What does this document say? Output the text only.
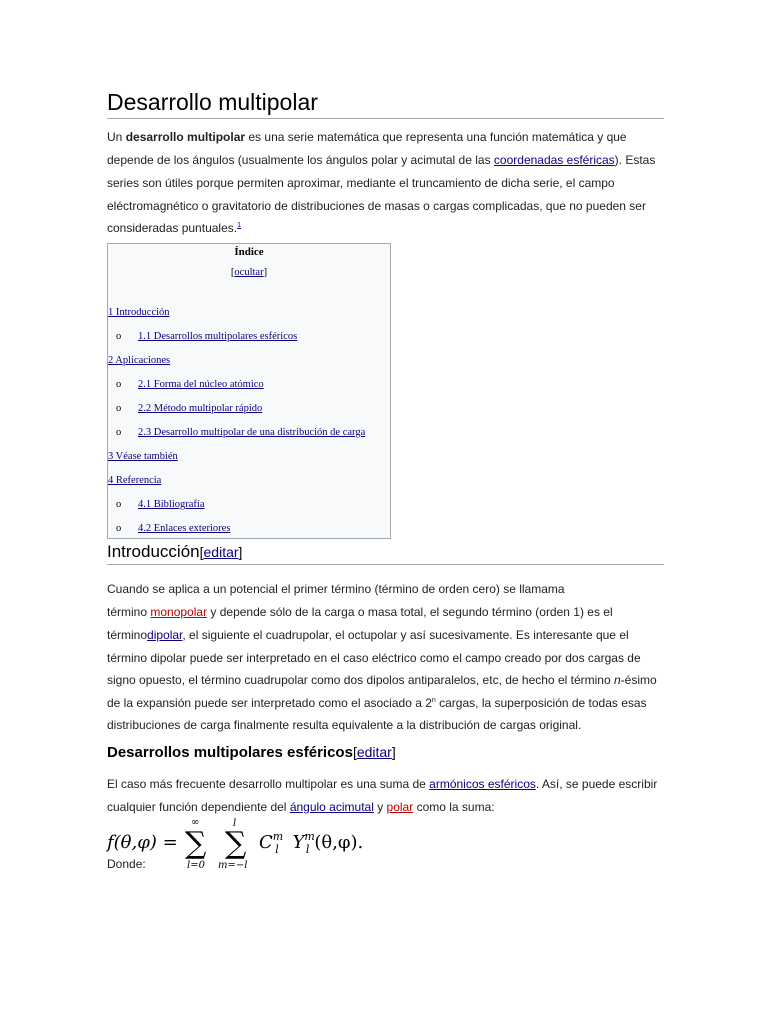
Desarrollo multipolar

Un desarrollo multipolar es una serie matemática que representa una función matemática y que

depende de los ángulos (usualmente los ángulos polar y acimutal de las coordenadas esféricas). Estas

series son útiles porque permiten aproximar, mediante el truncamiento de dicha serie, el campo

eléctromagnético o gravitatorio de distribuciones de masas o cargas complicadas, que no pueden ser

consideradas puntuales.$^1$

Índice
[ocultar]
1 Introducción
o 1.1 Desarrollos multipolares esféricos
2 Aplicaciones
o 2.1 Forma del núcleo atómico
o 2.2 Método multipolar rápido
o 2.3 Desarrollo multipolar de una distribución de carga
3 Véase también
4 Referencia
o 4.1 Bibliografía
o 4.2 Enlaces exteriores
Introducción[editar]

Cuando se aplica a un potencial el primer término (término de orden cero) se llamama

término monopolar y depende sólo de la carga o masa total, el segundo término (orden 1) es el

términodipolar, el siguiente el cuadrupolar, el octupolar y así sucesivamente. Es interesante que el

término dipolar puede ser interpretado en el caso eléctrico como el campo creado por dos cargas de

signo opuesto, el término cuadrupolar como dos dipolos antiparalelos, etc, de hecho el término n-ésimo

de la expansión puede ser interpretado como el asociado a 2$^n$ cargas, la superposición de todas esas

distribuciones de carga finalmente resulta equivalente a la distribución de cargas original.

Desarrollos multipolares esféricos[editar]

El caso más frecuente desarrollo multipolar es una suma de armónicos esféricos. Así, se puede escribir

cualquier función dependiente del ángulo acimutal y polar como la suma:

f(θ,φ) =
∞
∑
l=0
l
∑
m=−l
$C^m_l$ $Y^m_l$ (θ,φ).

Donde:
